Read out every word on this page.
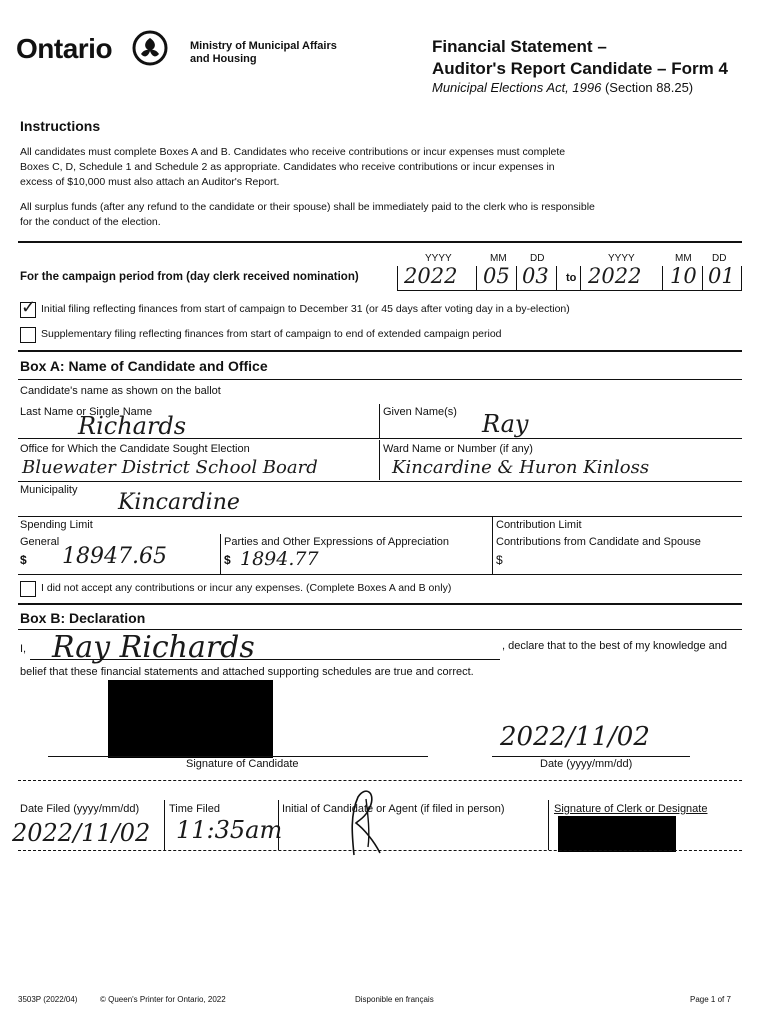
Ontario	Ministry of Municipal Affairs and Housing
Financial Statement –
Auditor's Report Candidate – Form 4
Municipal Elections Act, 1996 (Section 88.25)
Instructions
All candidates must complete Boxes A and B. Candidates who receive contributions or incur expenses must complete
Boxes C, D, Schedule 1 and Schedule 2 as appropriate. Candidates who receive contributions or incur expenses in
excess of $10,000 must also attach an Auditor's Report.
All surplus funds (after any refund to the candidate or their spouse) shall be immediately paid to the clerk who is responsible
for the conduct of the election.
YYYY	MM DD	YYYY	MM DD
For the campaign period from (day clerk received nomination) 2022 05 03 to 2022 10 01
✓ Initial filing reflecting finances from start of campaign to December 31 (or 45 days after voting day in a by-election)
Supplementary filing reflecting finances from start of campaign to end of extended campaign period
Box A: Name of Candidate and Office
Candidate's name as shown on the ballot
Last Name or Single Name
Richards	Given Name(s) Ray
Office for Which the Candidate Sought Election
Bluewater District School Board
Ward Name or Number (if any)
Kincardine & Huron Kinloss
Municipality Kincardine
Spending Limit
General
$ 18947.65
Parties and Other Expressions of Appreciation
$ 1894.77
Contribution Limit
Contributions from Candidate and Spouse
$
I did not accept any contributions or incur any expenses. (Complete Boxes A and B only)
Box B: Declaration
I, Ray Richards	, declare that to the best of my knowledge and
belief that these financial statements and attached supporting schedules are true and correct.
Signature of Candidate
2022/11/02
Date (yyyy/mm/dd)
Date Filed (yyyy/mm/dd)
2022/11/02
Time Filed
11:35am
Initial of Candidate or Agent (if filed in person)	Signature of Clerk or Designate
3503P (2022/04)	© Queen's Printer for Ontario, 2022	Disponible en français	Page 1 of 7
